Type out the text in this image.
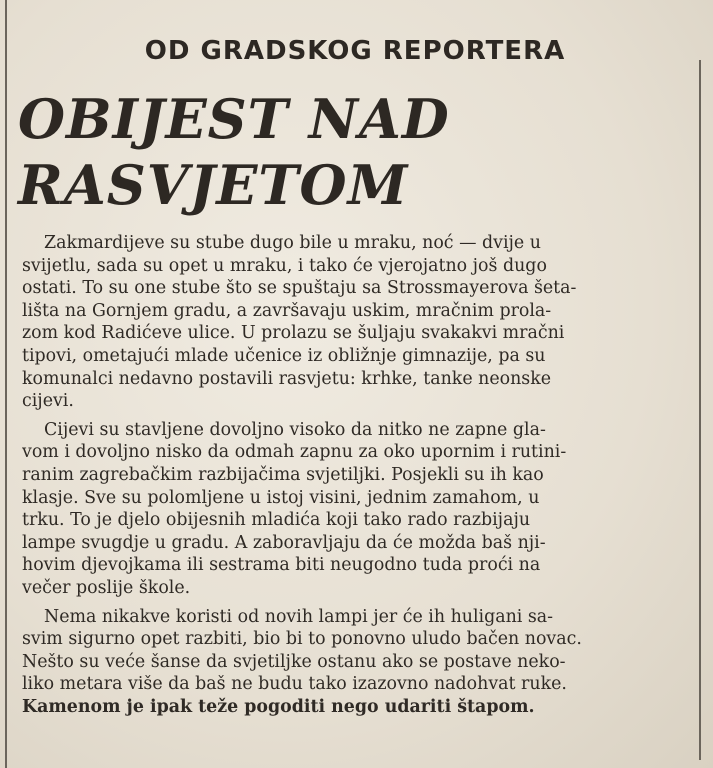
OD GRADSKOG REPORTERA
OBIJEST NAD
RASVJETOM
Zakmardijeve su stube dugo bile u mraku, noć — dvije u
svijetlu, sada su opet u mraku, i tako će vjerojatno još dugo
ostati. To su one stube što se spuštaju sa Strossmayerova šeta-
lišta na Gornjem gradu, a završavaju uskim, mračnim prola-
zom kod Radićeve ulice. U prolazu se šuljaju svakakvi mračni
tipovi, ometajući mlade učenice iz obližnje gimnazije, pa su
komunalci nedavno postavili rasvjetu: krhke, tanke neonske
cijevi.
Cijevi su stavljene dovoljno visoko da nitko ne zapne gla-
vom i dovoljno nisko da odmah zapnu za oko upornim i rutini-
ranim zagrebačkim razbijačima svjetiljki. Posjekli su ih kao
klasje. Sve su polomljene u istoj visini, jednim zamahom, u
trku. To je djelo obijesnih mladića koji tako rado razbijaju
lampe svugdje u gradu. A zaboravljaju da će možda baš nji-
hovim djevojkama ili sestrama biti neugodno tuda proći na
večer poslije škole.
Nema nikakve koristi od novih lampi jer će ih huligani sa-
svim sigurno opet razbiti, bio bi to ponovno uludo bačen novac.
Nešto su veće šanse da svjetiljke ostanu ako se postave neko-
liko metara više da baš ne budu tako izazovno nadohvat ruke.
Kamenom je ipak teže pogoditi nego udariti štapom.
